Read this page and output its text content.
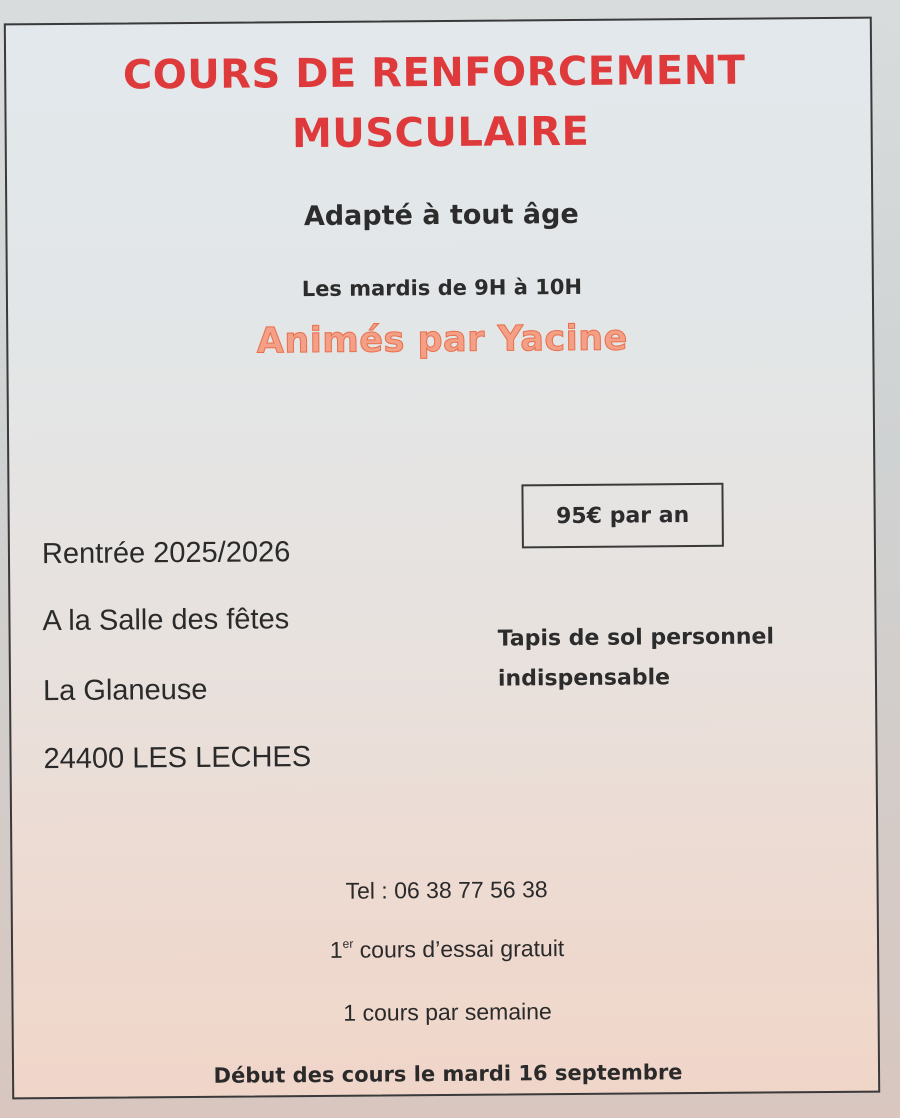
COURS DE RENFORCEMENT
MUSCULAIRE
Adapté à tout âge
Les mardis de 9H à 10H
Animés par Yacine
95€ par an
Rentrée 2025/2026
A la Salle des fêtes
La Glaneuse
24400 LES LECHES
Tapis de sol personnel
indispensable
Tel : 06 38 77 56 38
1er cours d’essai gratuit
1 cours par semaine
Début des cours le mardi 16 septembre
